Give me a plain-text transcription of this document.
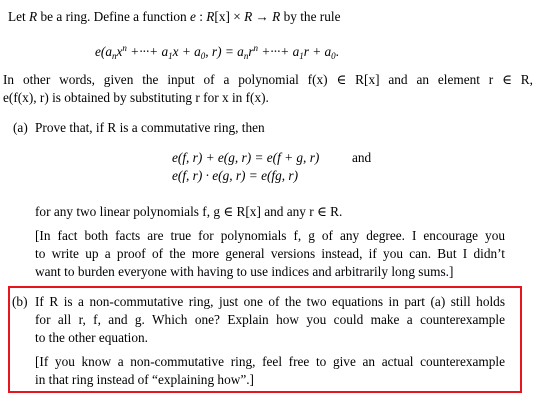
Let R be a ring. Define a function e : R[x] × R → R by the rule
$e(a_nx^n$ +···+ $a_1x + a_0$, $r) = a_nr^n$ +···+ $a_1r + a_0$.
In other words, given the input of a polynomial f(x) ∈ R[x] and an element r ∈ R,
e(f(x), r) is obtained by substituting r for x in f(x).
(a) Prove that, if R is a commutative ring, then
e(f, r) + e(g, r) = e(f + g, r) and
e(f, r) · e(g, r) = e(fg, r)
for any two linear polynomials f, g ∈ R[x] and any r ∈ R.
[In fact both facts are true for polynomials f, g of any degree. I encourage you
to write up a proof of the more general versions instead, if you can. But I didn’t
want to burden everyone with having to use indices and arbitrarily long sums.]
(b) If R is a non-commutative ring, just one of the two equations in part (a) still holds
for all r, f, and g. Which one? Explain how you could make a counterexample
to the other equation.
[If you know a non-commutative ring, feel free to give an actual counterexample
in that ring instead of “explaining how”.]
